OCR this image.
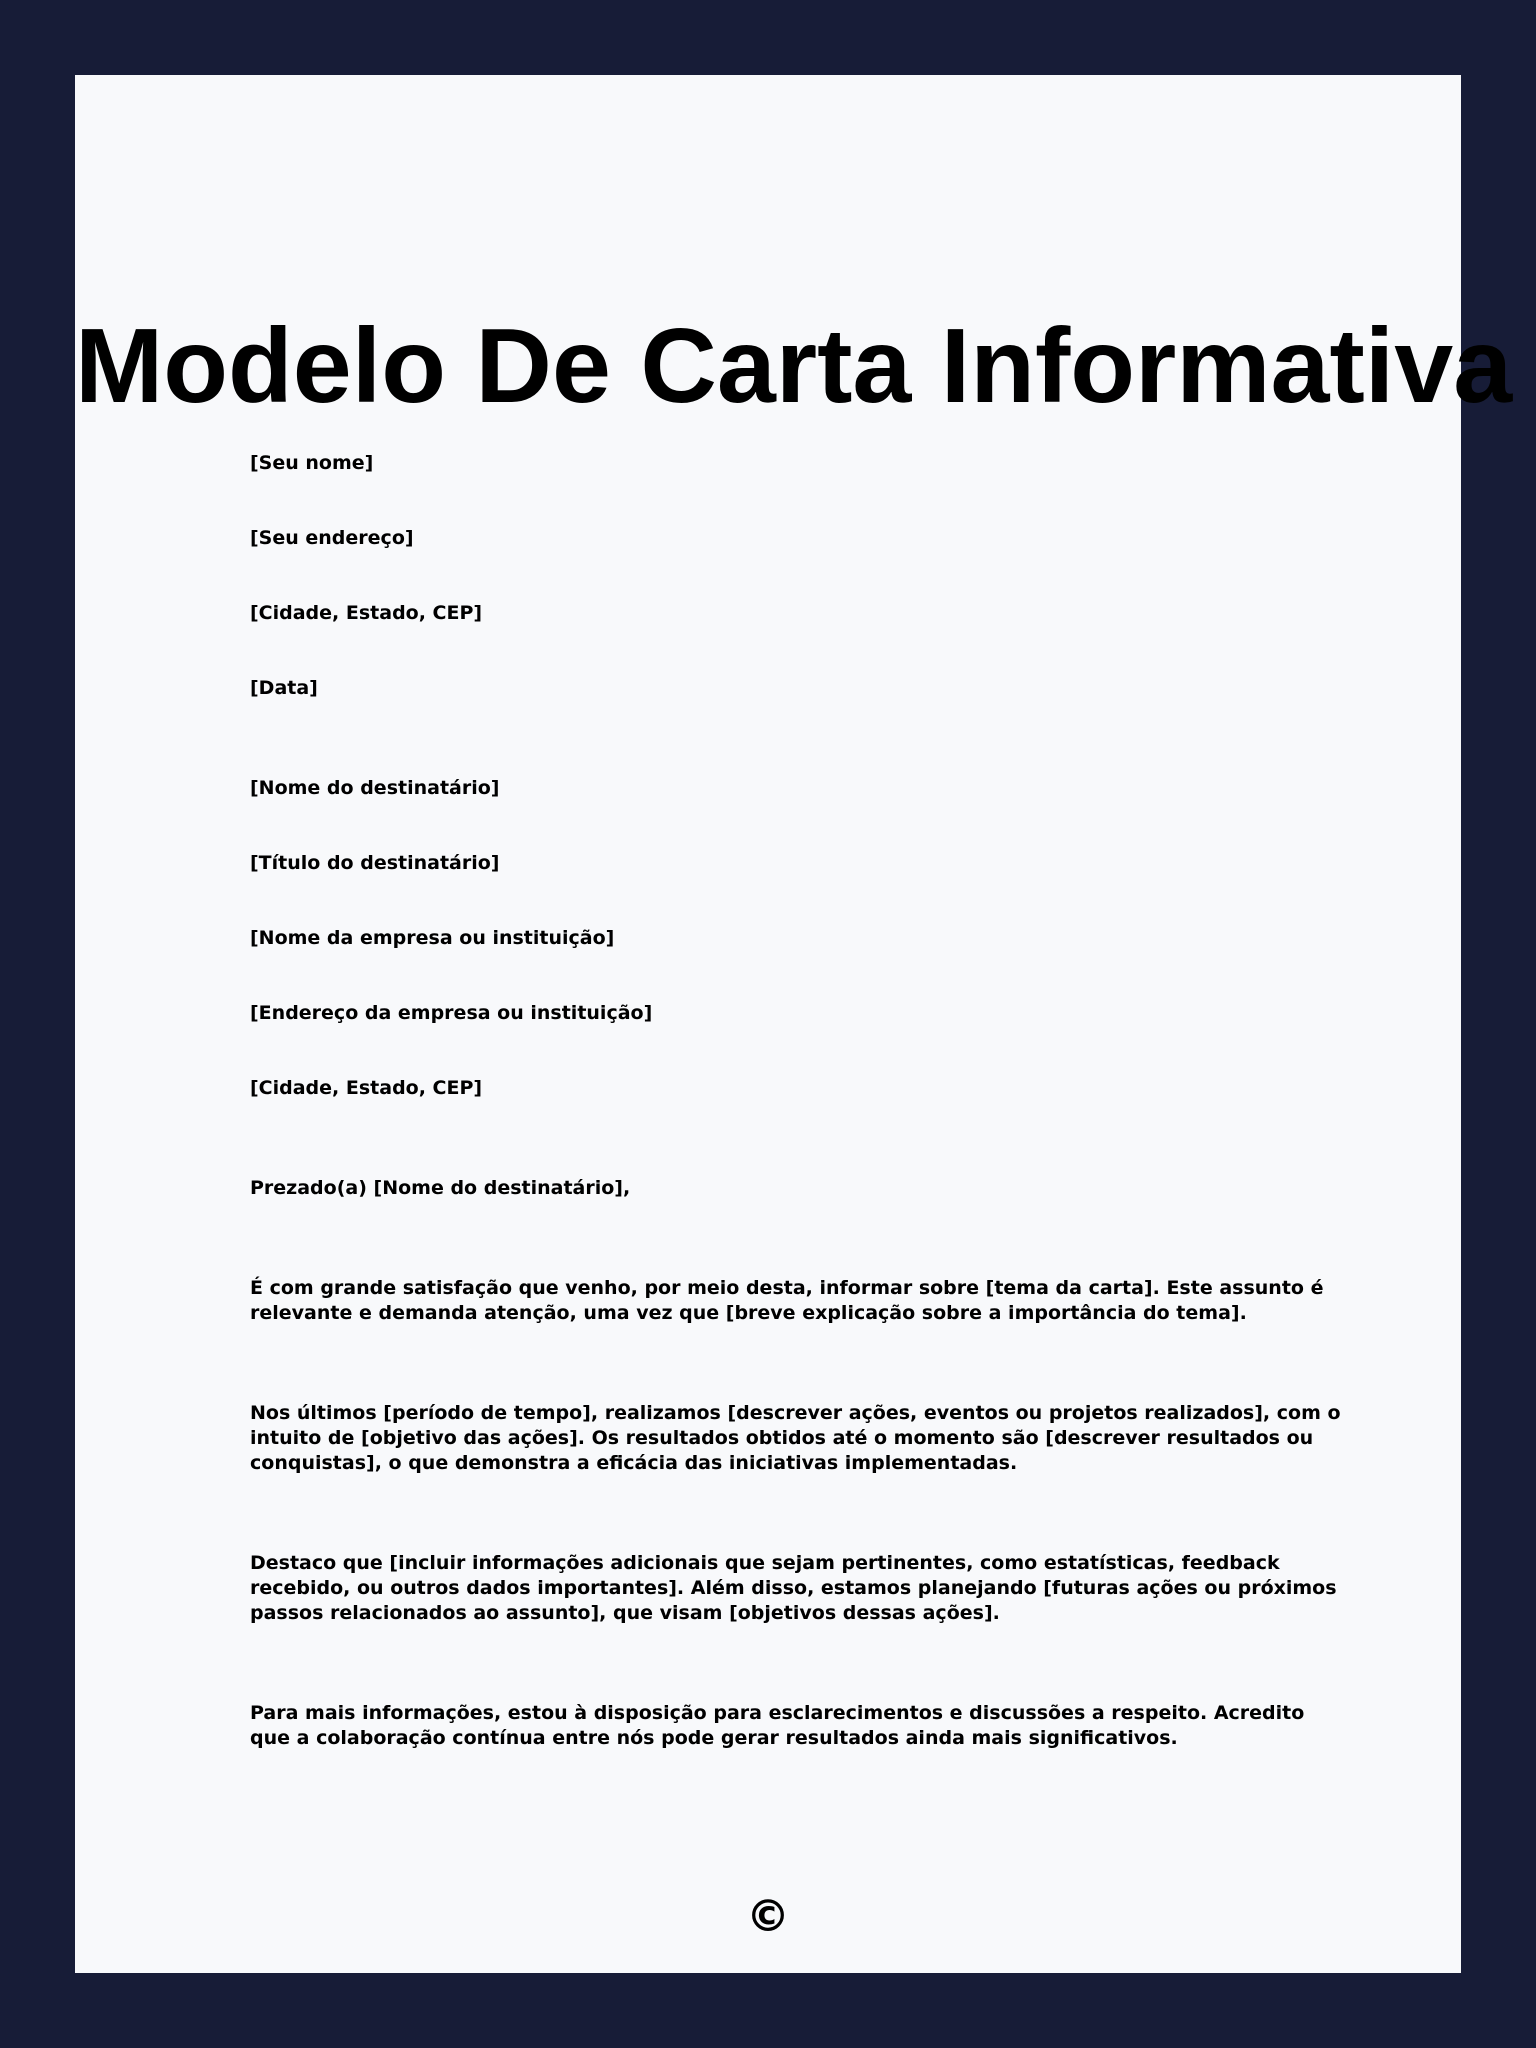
Modelo De Carta Informativa
[Seu nome]
[Seu endereço]
[Cidade, Estado, CEP]
[Data]
[Nome do destinatário]
[Título do destinatário]
[Nome da empresa ou instituição]
[Endereço da empresa ou instituição]
[Cidade, Estado, CEP]
Prezado(a) [Nome do destinatário],
É com grande satisfação que venho, por meio desta, informar sobre [tema da carta]. Este assunto é relevante e demanda atenção, uma vez que [breve explicação sobre a importância do tema].
Nos últimos [período de tempo], realizamos [descrever ações, eventos ou projetos realizados], com o intuito de [objetivo das ações]. Os resultados obtidos até o momento são [descrever resultados ou conquistas], o que demonstra a eficácia das iniciativas implementadas.
Destaco que [incluir informações adicionais que sejam pertinentes, como estatísticas, feedback recebido, ou outros dados importantes]. Além disso, estamos planejando [futuras ações ou próximos passos relacionados ao assunto], que visam [objetivos dessas ações].
Para mais informações, estou à disposição para esclarecimentos e discussões a respeito. Acredito que a colaboração contínua entre nós pode gerar resultados ainda mais significativos.
©
